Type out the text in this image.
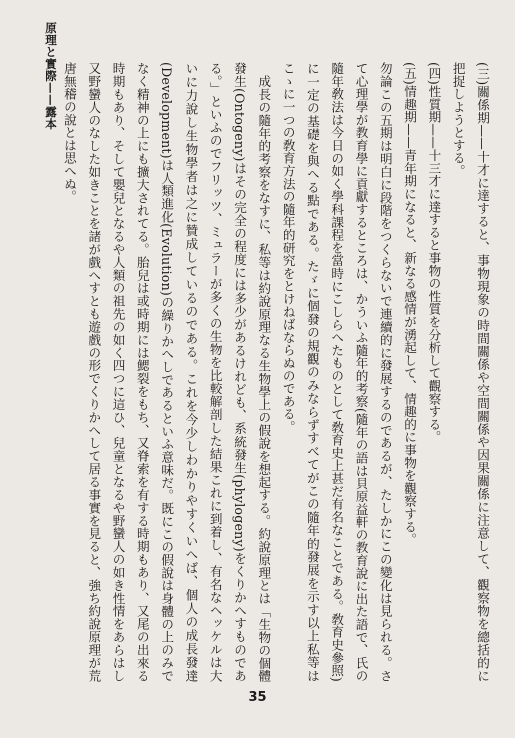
原理と實際——露本	(三)關係期——十才に達すると、事物現象の時間關係や空間關係や因果關係に注意して、觀察物を總括的に把捉しようとする。

(四)性質期——十三才に達すると事物の性質を分析して觀察する。

(五)情趣期——青年期になると、新なる感情が湧起して、情趣的に事物を觀察する。

勿論この五期は明白に段階をつくらないで連續的に發展するのであるが、たしかにこの變化は見られる。さて心理學が教育學に貢獻するところは、かういふ隨年的考察(隨年の語は貝原益軒の教育說に出た語で、氏の隨年敎法は今日の如く學科課程を當時にこしらへたものとして敎育史上甚だ有名なことである。敎育史參照)に一定の基礎を與へる點である。たゞに個發の規觀のみならずすべてがこの隨年的發展を示す以上私等はこゝに一つの敎育方法の隨年的研究をとけねばならぬのである。

成長の隨年的考察をなすに、私等は約說原理なる生物學上の假說を想起する。約說原理とは「生物の個體發生(Ontogeny)はその完全の程度には多少があるけれども、系統發生(phylogeny)をくりかへすものである。」といふのでフリッツ、ミュラーが多くの生物を比較解剖した結果これに到着し、有名なヘッケルは大いに力說し生物學者は之に贊成しているのである。これを今少しわかりやすくいへば、個人の成長發達(Development)は人類進化(Evolution)の繰りかへしであるといふ意味だ。既にこの假說は身體の上のみでなく精神の上にも擴大されてる。胎兒は或時期には鰓裂をもち、又脊索を有する時期もあり、又尾の出來る時期もあり、そして嬰兒となるや人類の祖先の如く四つに這ひ、兒童となるや野蠻人の如き性情をあらはし又野蠻人のなした如きことを諸が戲へすとも遊戲の形でくりかへして居る事實を見ると、強ち約說原理が荒唐無稽の說とは思へぬ。

35
